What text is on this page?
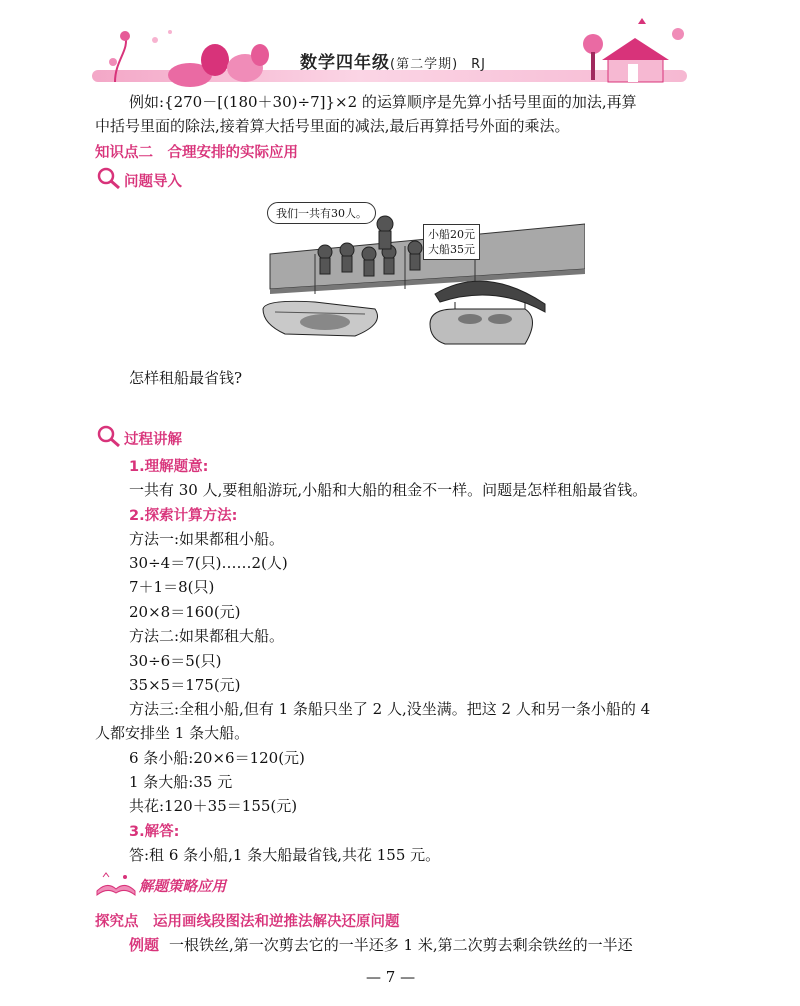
数学四年级(第二学期) RJ
例如:{270－[(180＋30)÷7]}×2 的运算顺序是先算小括号里面的加法,再算
中括号里面的除法,接着算大括号里面的减法,最后再算括号外面的乘法。
知识点二　合理安排的实际应用
问题导入
我们一共有30人。
小船20元
大船35元
怎样租船最省钱?
过程讲解
1.理解题意:
一共有 30 人,要租船游玩,小船和大船的租金不一样。问题是怎样租船最省钱。
2.探索计算方法:
方法一:如果都租小船。
30÷4＝7(只)……2(人)
7＋1＝8(只)
20×8＝160(元)
方法二:如果都租大船。
30÷6＝5(只)
35×5＝175(元)
方法三:全租小船,但有 1 条船只坐了 2 人,没坐满。把这 2 人和另一条小船的 4
人都安排坐 1 条大船。
6 条小船:20×6＝120(元)
1 条大船:35 元
共花:120＋35＝155(元)
3.解答:
答:租 6 条小船,1 条大船最省钱,共花 155 元。
解题策略应用
探究点　运用画线段图法和逆推法解决还原问题
例题 一根铁丝,第一次剪去它的一半还多 1 米,第二次剪去剩余铁丝的一半还
— 7 —
